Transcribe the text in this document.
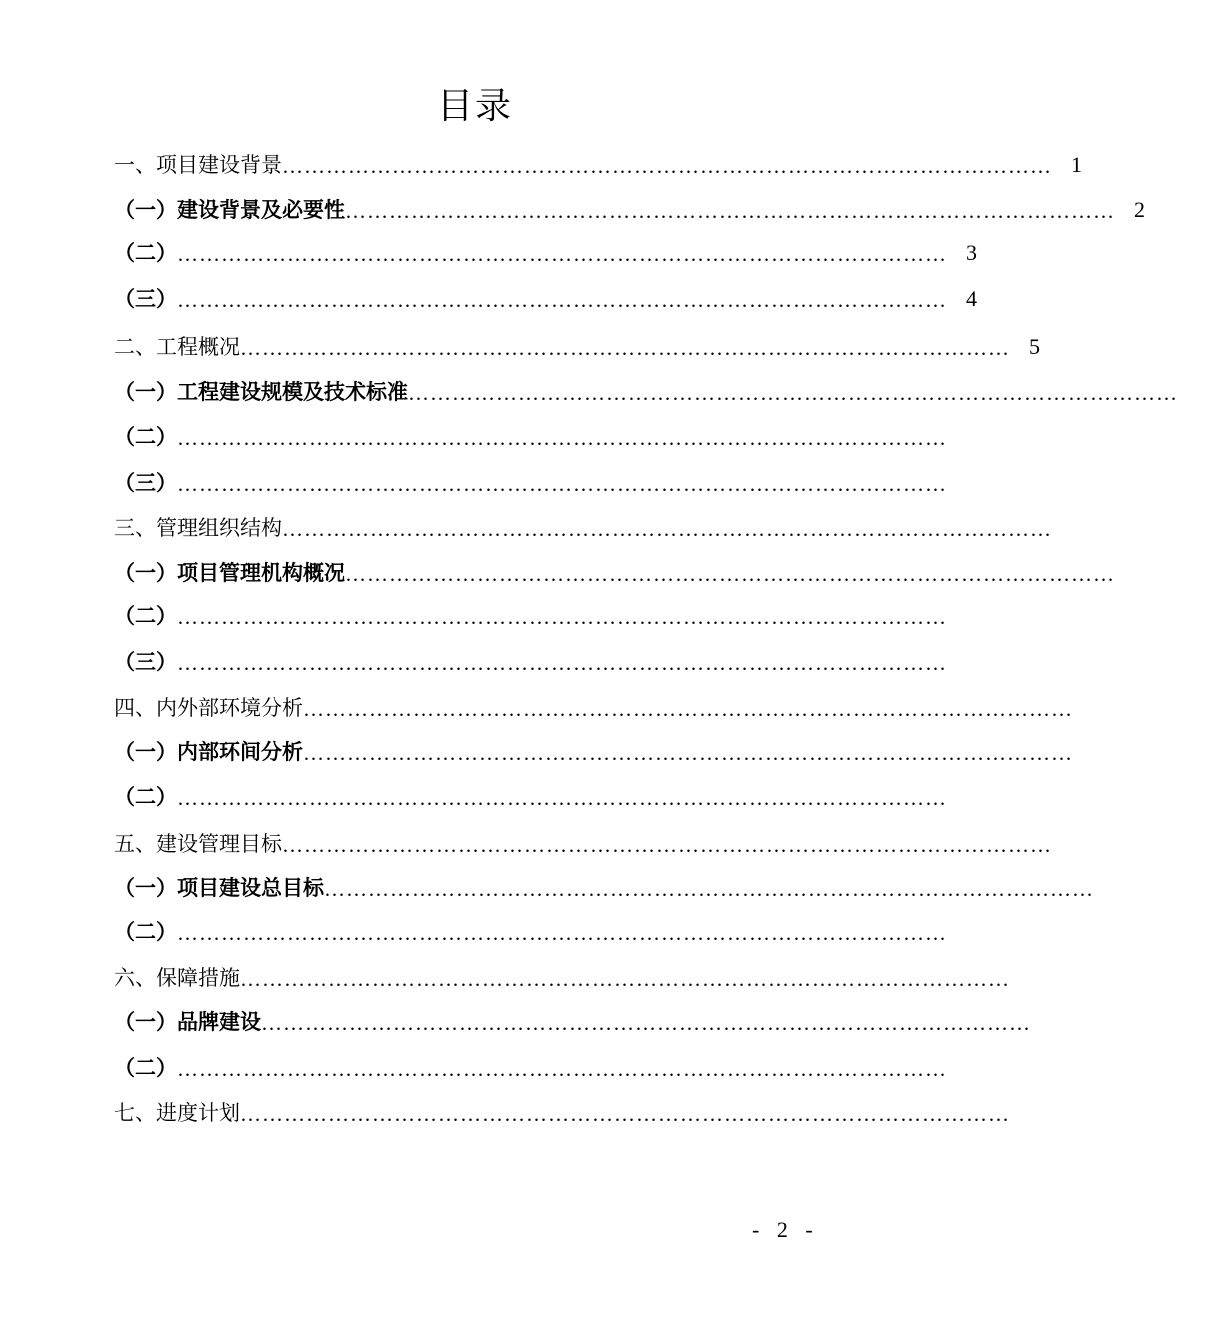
目录
一、项目建设背景 …………………………………………………………………………………………… 1
（一）建设背景及必要性 …………………………………………………………………………………………… 2
（二） …………………………………………………………………………………………… 3
（三） …………………………………………………………………………………………… 4
二、工程概况 …………………………………………………………………………………………… 5
（一）工程建设规模及技术标准 ……………………………………………………………………………………………
（二） ……………………………………………………………………………………………
（三） ……………………………………………………………………………………………
三、管理组织结构 ……………………………………………………………………………………………
（一）项目管理机构概况 ……………………………………………………………………………………………
（二） ……………………………………………………………………………………………
（三） ……………………………………………………………………………………………
四、内外部环境分析 ……………………………………………………………………………………………
（一）内部环间分析 ……………………………………………………………………………………………
（二） ……………………………………………………………………………………………
五、建设管理目标 ……………………………………………………………………………………………
（一）项目建设总目标 ……………………………………………………………………………………………
（二） ……………………………………………………………………………………………
六、保障措施 ……………………………………………………………………………………………
（一）品牌建设 ……………………………………………………………………………………………
（二） ……………………………………………………………………………………………
七、进度计划 ……………………………………………………………………………………………
- 2 -
